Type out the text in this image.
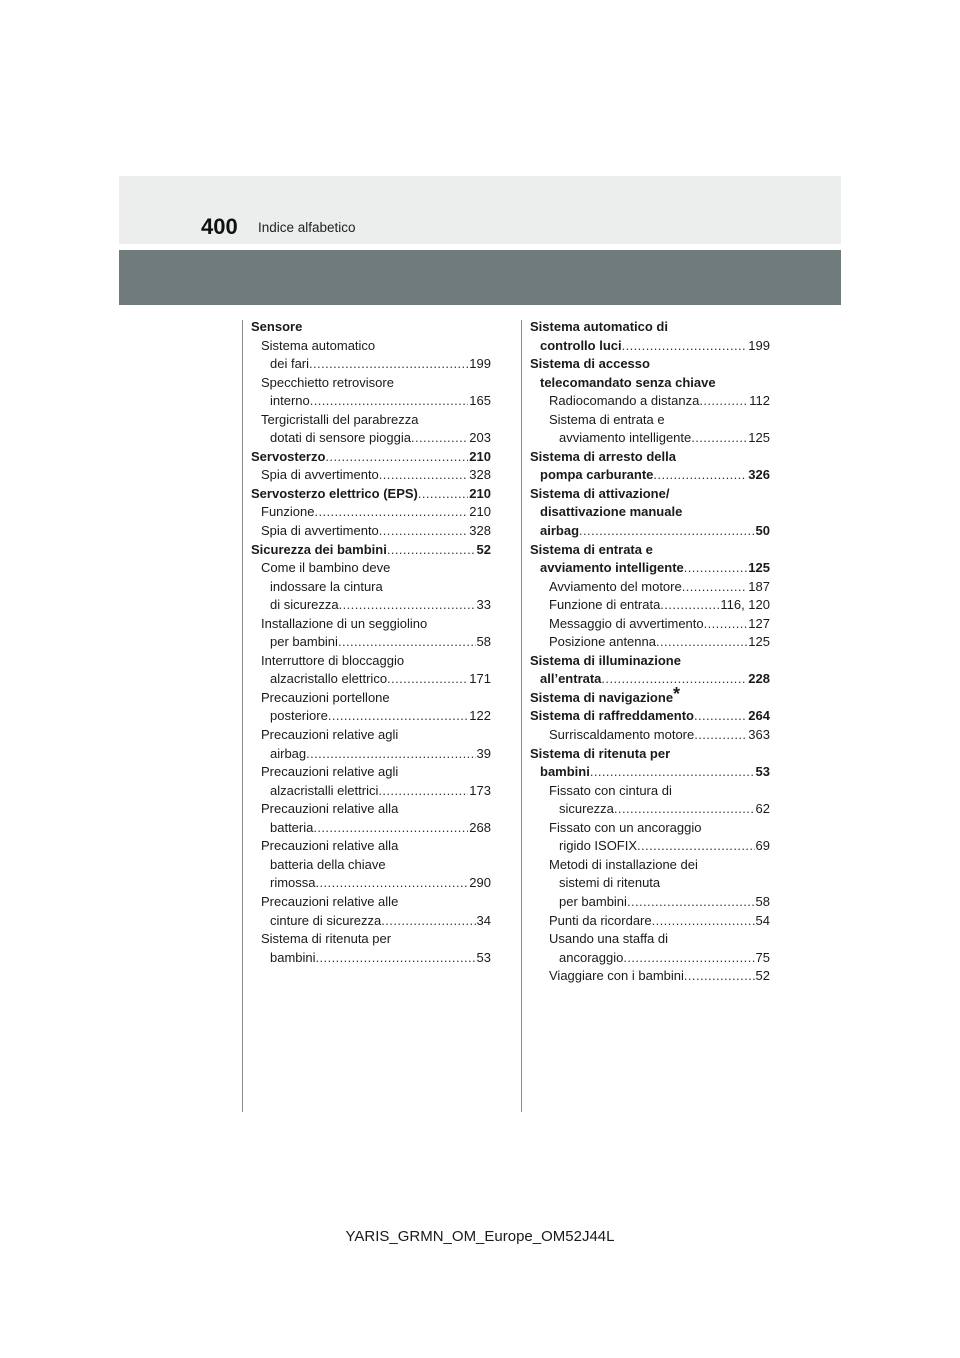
400 Indice alfabetico
Sensore
Sistema automatico
dei fari .....	199
Specchietto retrovisore
interno .....	165
Tergicristalli del parabrezza
dotati di sensore pioggia .....	203
Servosterzo .....	210
Spia di avvertimento .....	328
Servosterzo elettrico (EPS) .....	210
Funzione .....	210
Spia di avvertimento .....	328
Sicurezza dei bambini .....	52
Come il bambino deve
indossare la cintura
di sicurezza .....	33
Installazione di un seggiolino
per bambini .....	58
Interruttore di bloccaggio
alzacristallo elettrico .....	171
Precauzioni portellone
posteriore .....	122
Precauzioni relative agli
airbag .....	39
Precauzioni relative agli
alzacristalli elettrici .....	173
Precauzioni relative alla
batteria .....	268
Precauzioni relative alla
batteria della chiave
rimossa .....	290
Precauzioni relative alle
cinture di sicurezza .....	34
Sistema di ritenuta per
bambini .....	53
Sistema automatico di
controllo luci .....	199
Sistema di accesso
telecomandato senza chiave
Radiocomando a distanza .....	112
Sistema di entrata e
avviamento intelligente .....	125
Sistema di arresto della
pompa carburante .....	326
Sistema di attivazione/
disattivazione manuale
airbag .....	50
Sistema di entrata e
avviamento intelligente .....	125
Avviamento del motore .....	187
Funzione di entrata .....	116, 120
Messaggio di avvertimento .....	127
Posizione antenna .....	125
Sistema di illuminazione
all’entrata .....	228
Sistema di navigazione *
Sistema di raffreddamento .....	264
Surriscaldamento motore .....	363
Sistema di ritenuta per
bambini .....	53
Fissato con cintura di
sicurezza .....	62
Fissato con un ancoraggio
rigido ISOFIX .....	69
Metodi di installazione dei
sistemi di ritenuta
per bambini .....	58
Punti da ricordare .....	54
Usando una staffa di
ancoraggio .....	75
Viaggiare con i bambini .....	52
YARIS_GRMN_OM_Europe_OM52J44L
